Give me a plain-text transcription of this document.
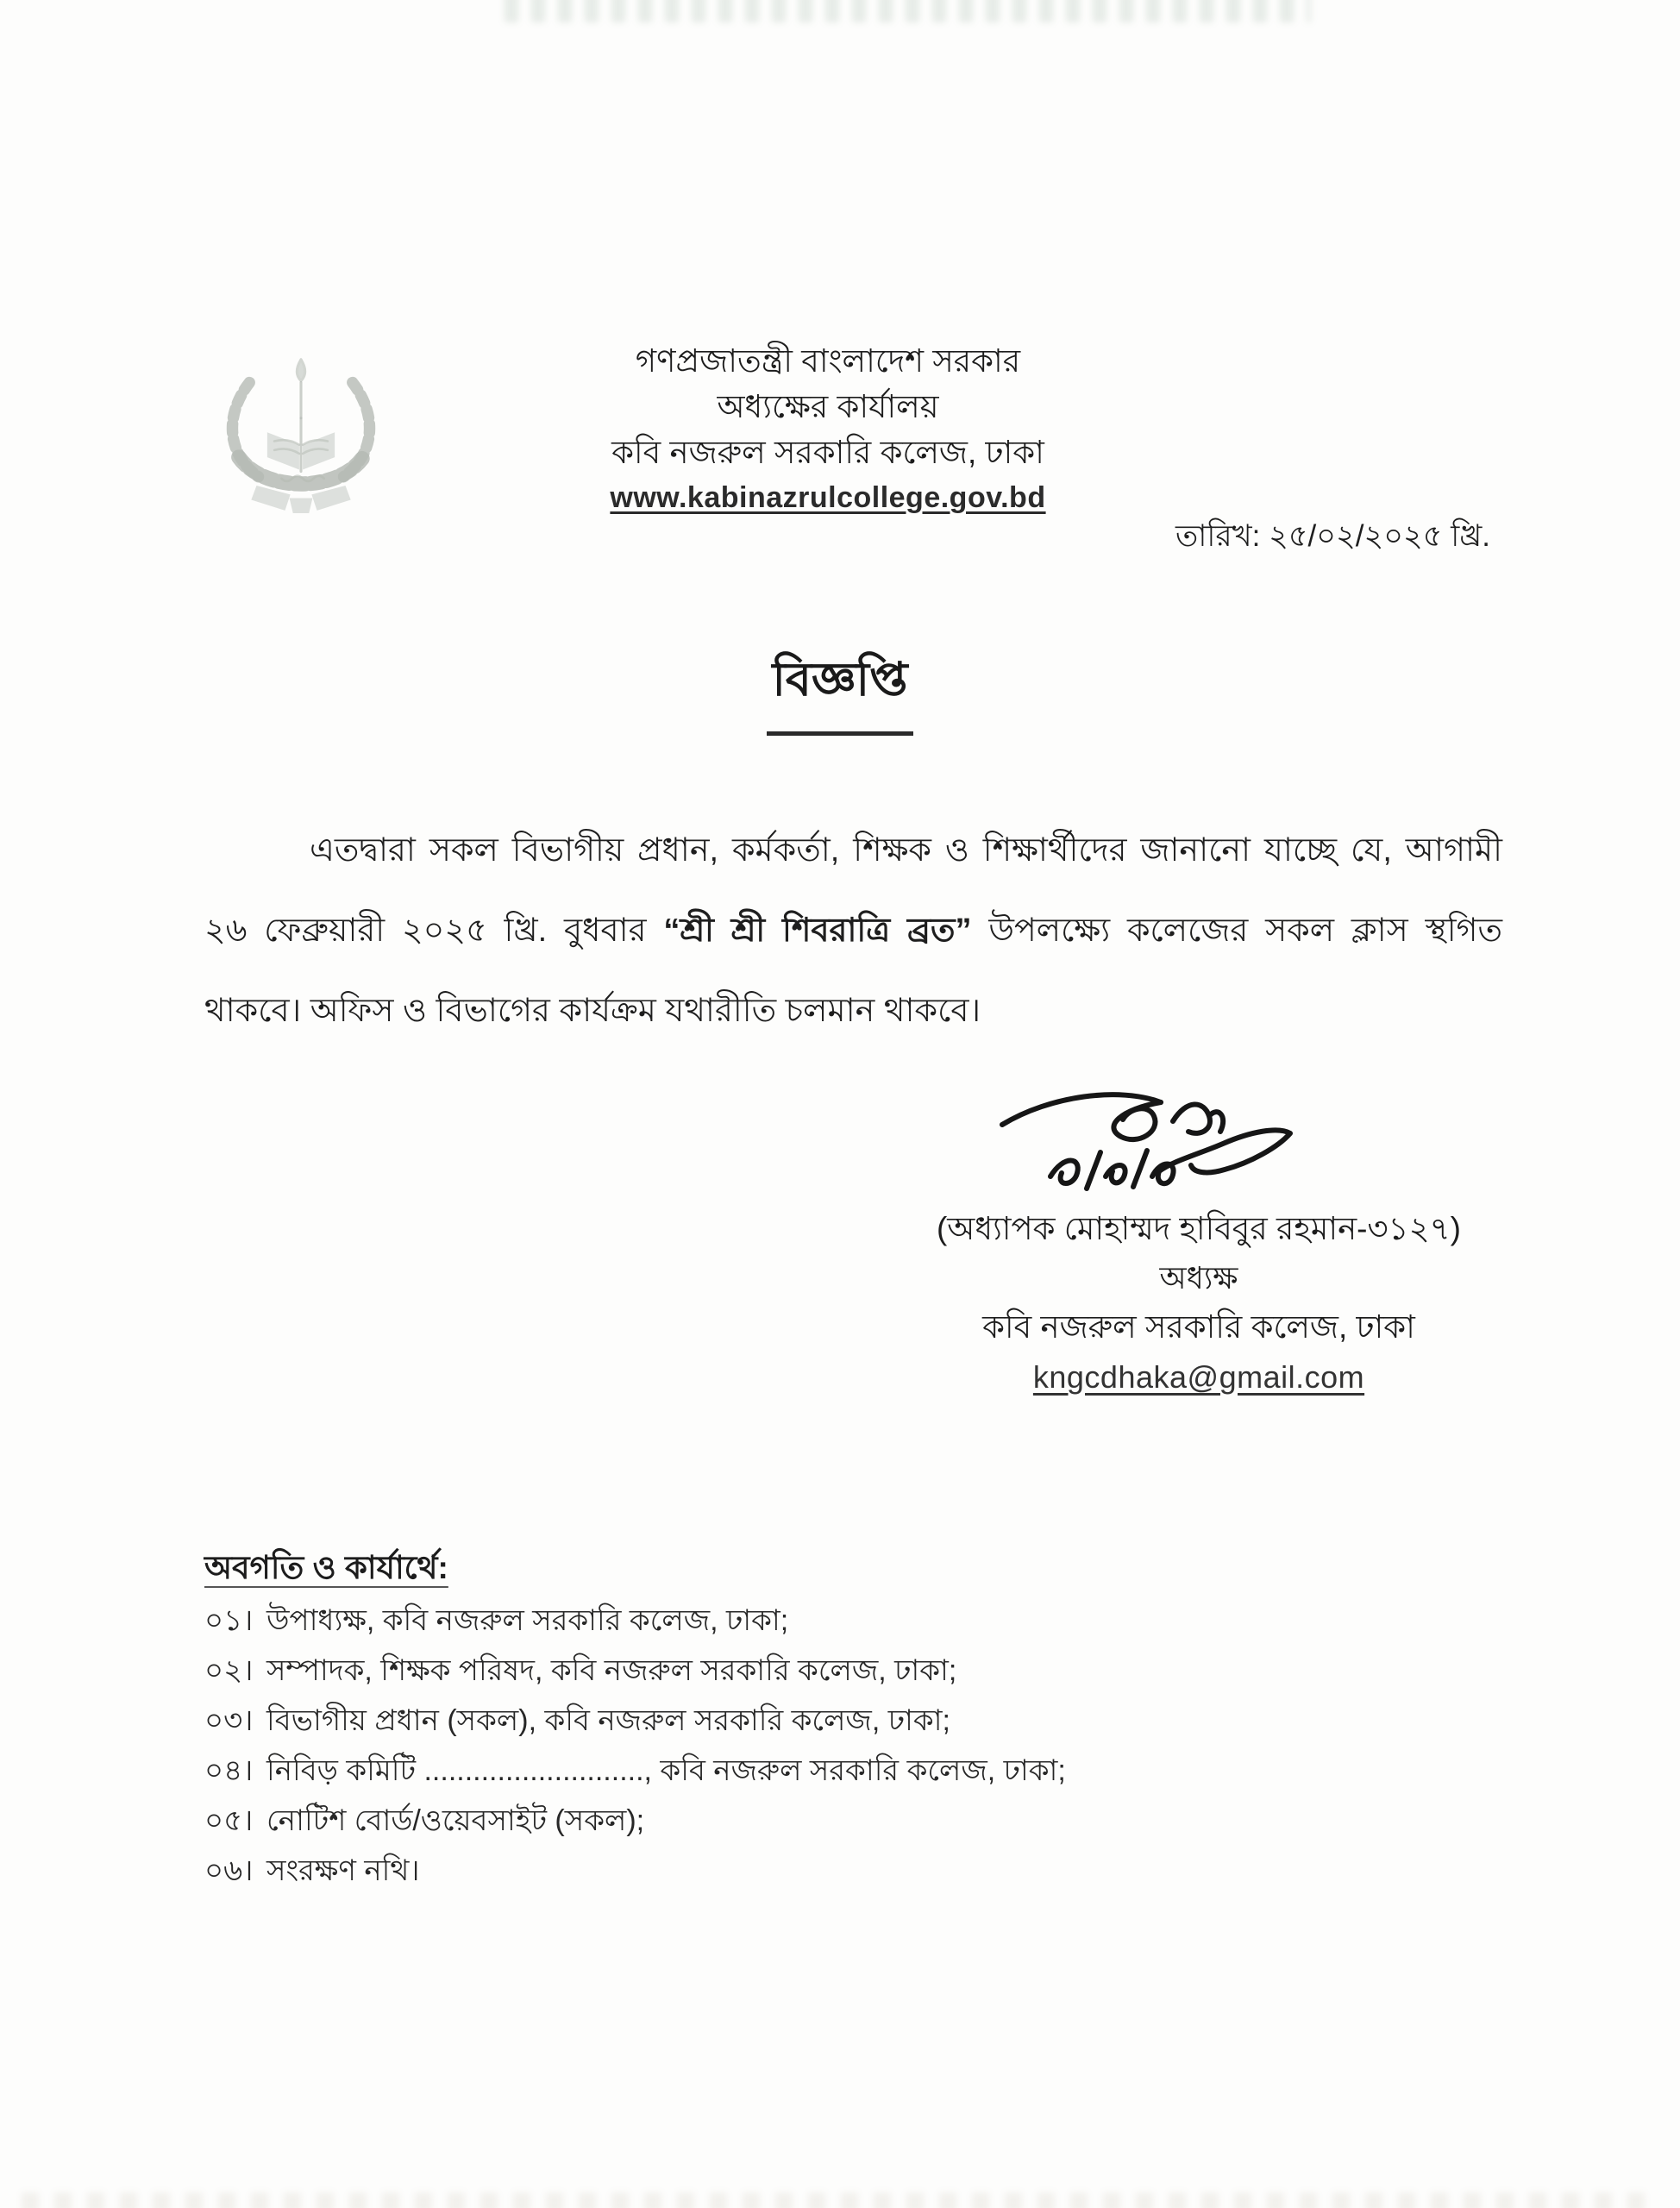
গণপ্রজাতন্ত্রী বাংলাদেশ সরকার
অধ্যক্ষের কার্যালয়
কবি নজরুল সরকারি কলেজ, ঢাকা
www.kabinazrulcollege.gov.bd
তারিখ: ২৫/০২/২০২৫ খ্রি.
বিজ্ঞপ্তি

এতদ্বারা সকল বিভাগীয় প্রধান, কর্মকর্তা, শিক্ষক ও শিক্ষার্থীদের জানানো যাচ্ছে যে, আগামী ২৬ ফেব্রুয়ারী ২০২৫ খ্রি. বুধবার “শ্রী শ্রী শিবরাত্রি ব্রত” উপলক্ষ্যে কলেজের সকল ক্লাস স্থগিত থাকবে। অফিস ও বিভাগের কার্যক্রম যথারীতি চলমান থাকবে।

(অধ্যাপক মোহাম্মদ হাবিবুর রহমান-৩১২৭)
অধ্যক্ষ
কবি নজরুল সরকারি কলেজ, ঢাকা
kngcdhaka@gmail.com
অবগতি ও কার্যার্থে:
০১। উপাধ্যক্ষ, কবি নজরুল সরকারি কলেজ, ঢাকা;
০২। সম্পাদক, শিক্ষক পরিষদ, কবি নজরুল সরকারি কলেজ, ঢাকা;
০৩। বিভাগীয় প্রধান (সকল), কবি নজরুল সরকারি কলেজ, ঢাকা;
০৪। নিবিড় কমিটি ..........................., কবি নজরুল সরকারি কলেজ, ঢাকা;
০৫। নোটিশ বোর্ড/ওয়েবসাইট (সকল);
০৬। সংরক্ষণ নথি।
